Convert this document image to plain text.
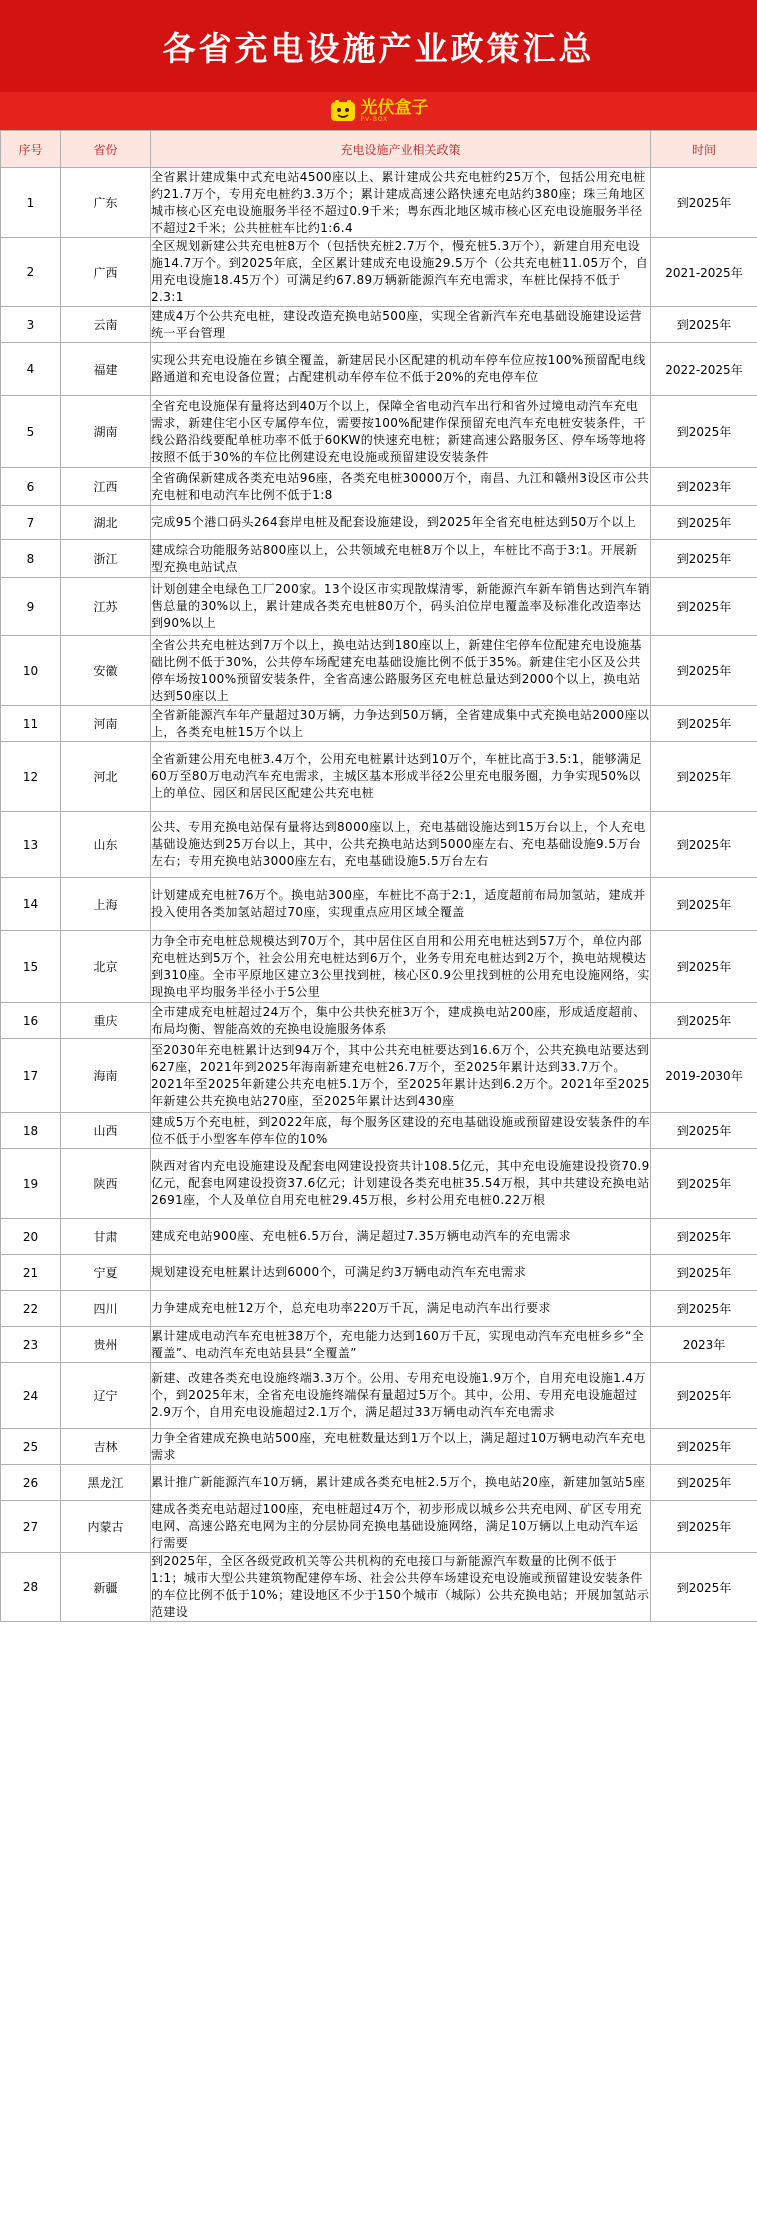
各省充电设施产业政策汇总
光伏盒子
PV-BOX
序号	省份	充电设施产业相关政策	时间
1	广东	全省累计建成集中式充电站4500座以上、累计建成公共充电桩约25万个，包括公用充电桩约21.7万个，专用充电桩约3.3万个；累计建成高速公路快速充电站约380座；珠三角地区城市核心区充电设施服务半径不超过0.9千米；粤东西北地区城市核心区充电设施服务半径不超过2千米；公共桩桩车比约1:6.4	到2025年
2	广西	全区规划新建公共充电桩8万个（包括快充桩2.7万个，慢充桩5.3万个），新建自用充电设施14.7万个。到2025年底，全区累计建成充电设施29.5万个（公共充电桩11.05万个，自用充电设施18.45万个）可满足约67.89万辆新能源汽车充电需求，车桩比保持不低于2.3:1	2021-2025年
3	云南	建成4万个公共充电桩，建设改造充换电站500座，实现全省新汽车充电基础设施建设运营统一平台管理	到2025年
4	福建	实现公共充电设施在乡镇全覆盖，新建居民小区配建的机动车停车位应按100%预留配电线路通道和充电设备位置；占配建机动车停车位不低于20%的充电停车位	2022-2025年
5	湖南	全省充电设施保有量将达到40万个以上，保障全省电动汽车出行和省外过境电动汽车充电需求，新建住宅小区专属停车位，需要按100%配建作保预留充电汽车充电桩安装条件，干线公路沿线要配单桩功率不低于60KW的快速充电桩；新建高速公路服务区、停车场等地将按照不低于30%的车位比例建设充电设施或预留建设安装条件	到2025年
6	江西	全省确保新建成各类充电站96座，各类充电桩30000万个，南昌、九江和赣州3设区市公共充电桩和电动汽车比例不低于1:8	到2023年
7	湖北	完成95个港口码头264套岸电桩及配套设施建设，到2025年全省充电桩达到50万个以上	到2025年
8	浙江	建成综合功能服务站800座以上，公共领域充电桩8万个以上，车桩比不高于3:1。开展新型充换电站试点	到2025年
9	江苏	计划创建全电绿色工厂200家。13个设区市实现散煤清零，新能源汽车新车销售达到汽车销售总量的30%以上，累计建成各类充电桩80万个，码头泊位岸电覆盖率及标准化改造率达到90%以上	到2025年
10	安徽	全省公共充电桩达到7万个以上，换电站达到180座以上，新建住宅停车位配建充电设施基础比例不低于30%，公共停车场配建充电基础设施比例不低于35%。新建住宅小区及公共停车场按100%预留安装条件，全省高速公路服务区充电桩总量达到2000个以上，换电站达到50座以上	到2025年
11	河南	全省新能源汽车年产量超过30万辆，力争达到50万辆，全省建成集中式充换电站2000座以上，各类充电桩15万个以上	到2025年
12	河北	全省新建公用充电桩3.4万个，公用充电桩累计达到10万个，车桩比高于3.5:1，能够满足60万至80万电动汽车充电需求，主城区基本形成半径2公里充电服务圈，力争实现50%以上的单位、园区和居民区配建公共充电桩	到2025年
13	山东	公共、专用充换电站保有量将达到8000座以上，充电基础设施达到15万台以上，个人充电基础设施达到25万台以上，其中，公共充换电站达到5000座左右、充电基础设施9.5万台左右；专用充换电站3000座左右，充电基础设施5.5万台左右	到2025年
14	上海	计划建成充电桩76万个。换电站300座，车桩比不高于2:1，适度超前布局加氢站，建成并投入使用各类加氢站超过70座，实现重点应用区域全覆盖	到2025年
15	北京	力争全市充电桩总规模达到70万个，其中居住区自用和公用充电桩达到57万个，单位内部充电桩达到5万个，社会公用充电桩达到6万个，业务专用充电桩达到2万个，换电站规模达到310座。全市平原地区建立3公里找到桩，核心区0.9公里找到桩的公用充电设施网络，实现换电平均服务半径小于5公里	到2025年
16	重庆	全市建成充电桩超过24万个，集中公共快充桩3万个，建成换电站200座，形成适度超前、布局均衡、智能高效的充换电设施服务体系	到2025年
17	海南	至2030年充电桩累计达到94万个，其中公共充电桩要达到16.6万个，公共充换电站要达到627座，2021年到2025年海南新建充电桩26.7万个，至2025年累计达到33.7万个。2021年至2025年新建公共充电桩5.1万个，至2025年累计达到6.2万个。2021年至2025年新建公共充换电站270座，至2025年累计达到430座	2019-2030年
18	山西	建成5万个充电桩，到2022年底，每个服务区建设的充电基础设施或预留建设安装条件的车位不低于小型客车停车位的10%	到2025年
19	陕西	陕西对省内充电设施建设及配套电网建设投资共计108.5亿元，其中充电设施建设投资70.9亿元，配套电网建设投资37.6亿元；计划建设各类充电桩35.54万根，其中共建设充换电站2691座，个人及单位自用充电桩29.45万根，乡村公用充电桩0.22万根	到2025年
20	甘肃	建成充电站900座、充电桩6.5万台，满足超过7.35万辆电动汽车的充电需求	到2025年
21	宁夏	规划建设充电桩累计达到6000个，可满足约3万辆电动汽车充电需求	到2025年
22	四川	力争建成充电桩12万个，总充电功率220万千瓦，满足电动汽车出行要求	到2025年
23	贵州	累计建成电动汽车充电桩38万个，充电能力达到160万千瓦，实现电动汽车充电桩乡乡“全覆盖”、电动汽车充电站县县“全覆盖”	2023年
24	辽宁	新建、改建各类充电设施终端3.3万个。公用、专用充电设施1.9万个，自用充电设施1.4万个，到2025年末，全省充电设施终端保有量超过5万个。其中，公用、专用充电设施超过2.9万个，自用充电设施超过2.1万个，满足超过33万辆电动汽车充电需求	到2025年
25	吉林	力争全省建成充换电站500座，充电桩数量达到1万个以上，满足超过10万辆电动汽车充电需求	到2025年
26	黑龙江	累计推广新能源汽车10万辆，累计建成各类充电桩2.5万个，换电站20座，新建加氢站5座	到2025年
27	内蒙古	建成各类充电站超过100座，充电桩超过4万个，初步形成以城乡公共充电网、矿区专用充电网、高速公路充电网为主的分层协同充换电基础设施网络，满足10万辆以上电动汽车运行需要	到2025年
28	新疆	到2025年，全区各级党政机关等公共机构的充电接口与新能源汽车数量的比例不低于1:1；城市大型公共建筑物配建停车场、社会公共停车场建设充电设施或预留建设安装条件的车位比例不低于10%；建设地区不少于150个城市（城际）公共充换电站；开展加氢站示范建设	到2025年
